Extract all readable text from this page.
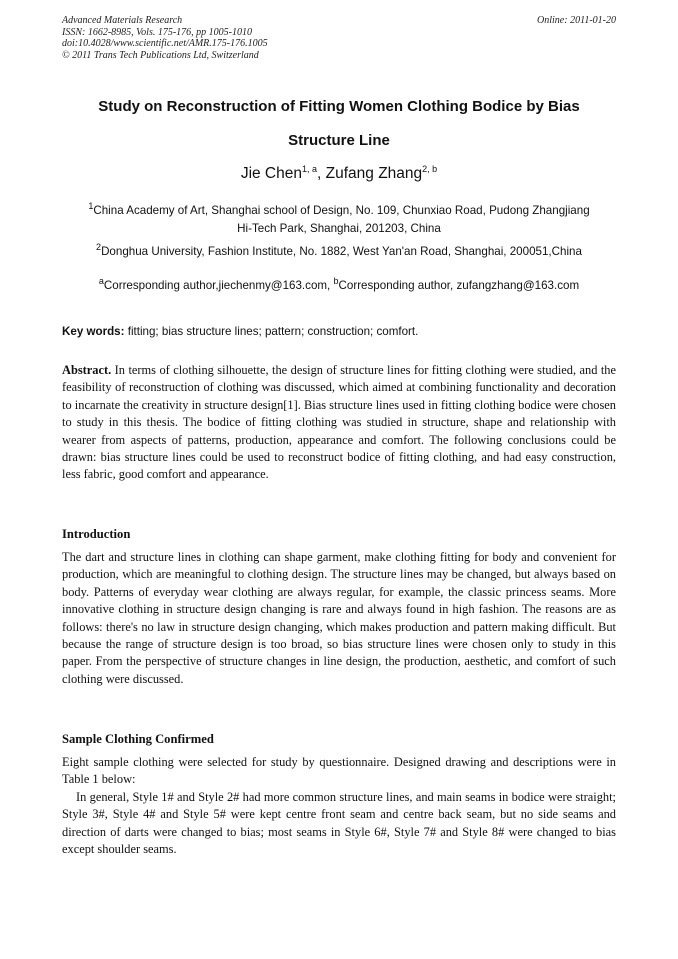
Advanced Materials Research
ISSN: 1662-8985, Vols. 175-176, pp 1005-1010
doi:10.4028/www.scientific.net/AMR.175-176.1005
© 2011 Trans Tech Publications Ltd, Switzerland
Online: 2011-01-20
Study on Reconstruction of Fitting Women Clothing Bodice by Bias
Structure Line
Jie Chen$^{1, a}$, Zufang Zhang$^{2, b}$
$^1$China Academy of Art, Shanghai school of Design, No. 109, Chunxiao Road, Pudong Zhangjiang
Hi-Tech Park, Shanghai, 201203, China
$^2$Donghua University, Fashion Institute, No. 1882, West Yan'an Road, Shanghai, 200051,China
$^a$Corresponding author,jiechenmy@163.com, $^b$Corresponding author, zufangzhang@163.com
Key words: fitting; bias structure lines; pattern; construction; comfort.
Abstract. In terms of clothing silhouette, the design of structure lines for fitting clothing were studied, and the feasibility of reconstruction of clothing was discussed, which aimed at combining functionality and decoration to incarnate the creativity in structure design[1]. Bias structure lines used in fitting clothing bodice were chosen to study in this thesis. The bodice of fitting clothing was studied in structure, shape and relationship with wearer from aspects of patterns, production, appearance and comfort. The following conclusions could be drawn: bias structure lines could be used to reconstruct bodice of fitting clothing, and had easy construction, less fabric, good comfort and appearance.
Introduction
The dart and structure lines in clothing can shape garment, make clothing fitting for body and convenient for production, which are meaningful to clothing design. The structure lines may be changed, but always based on body. Patterns of everyday wear clothing are always regular, for example, the classic princess seams. More innovative clothing in structure design changing is rare and always found in high fashion. The reasons are as follows: there's no law in structure design changing, which makes production and pattern making difficult. But because the range of structure design is too broad, so bias structure lines were chosen only to study in this paper. From the perspective of structure changes in line design, the production, aesthetic, and comfort of such clothing were discussed.
Sample Clothing Confirmed

Eight sample clothing were selected for study by questionnaire. Designed drawing and descriptions were in Table 1 below:

In general, Style 1# and Style 2# had more common structure lines, and main seams in bodice were straight; Style 3#, Style 4# and Style 5# were kept centre front seam and centre back seam, but no side seams and direction of darts were changed to bias; most seams in Style 6#, Style 7# and Style 8# were changed to bias except shoulder seams.
